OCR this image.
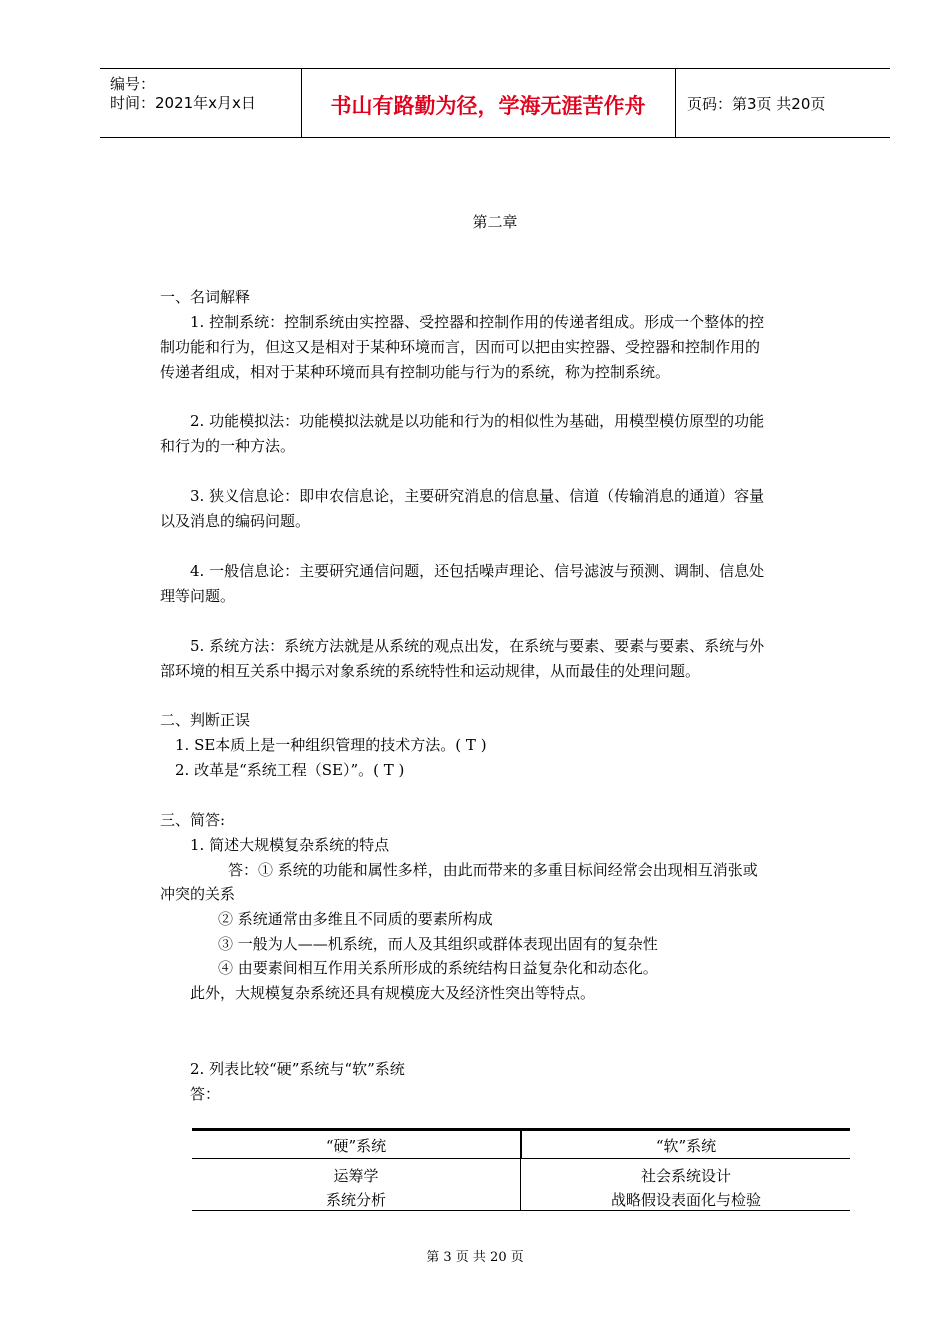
编号：
时间：2021年x月x日	书山有路勤为径，学海无涯苦作舟	页码：第3页 共20页
第二章
一、名词解释
1. 控制系统：控制系统由实控器、受控器和控制作用的传递者组成。形成一个整体的控
制功能和行为，但这又是相对于某种环境而言，因而可以把由实控器、受控器和控制作用的
传递者组成，相对于某种环境而具有控制功能与行为的系统，称为控制系统。
2. 功能模拟法：功能模拟法就是以功能和行为的相似性为基础，用模型模仿原型的功能
和行为的一种方法。
3. 狭义信息论：即申农信息论，主要研究消息的信息量、信道（传输消息的通道）容量
以及消息的编码问题。
4. 一般信息论：主要研究通信问题，还包括噪声理论、信号滤波与预测、调制、信息处
理等问题。
5. 系统方法：系统方法就是从系统的观点出发，在系统与要素、要素与要素、系统与外
部环境的相互关系中揭示对象系统的系统特性和运动规律，从而最佳的处理问题。
二、判断正误
1. SE本质上是一种组织管理的技术方法。( T )
2. 改革是“系统工程（SE）”。( T )
三、简答:
1. 简述大规模复杂系统的特点
答：① 系统的功能和属性多样，由此而带来的多重目标间经常会出现相互消张或
冲突的关系
② 系统通常由多维且不同质的要素所构成
③ 一般为人——机系统，而人及其组织或群体表现出固有的复杂性
④ 由要素间相互作用关系所形成的系统结构日益复杂化和动态化。
此外，大规模复杂系统还具有规模庞大及经济性突出等特点。
2. 列表比较“硬”系统与“软”系统
答：
“硬”系统	“软”系统
运筹学	社会系统设计
系统分析	战略假设表面化与检验
第 3 页 共 20 页
